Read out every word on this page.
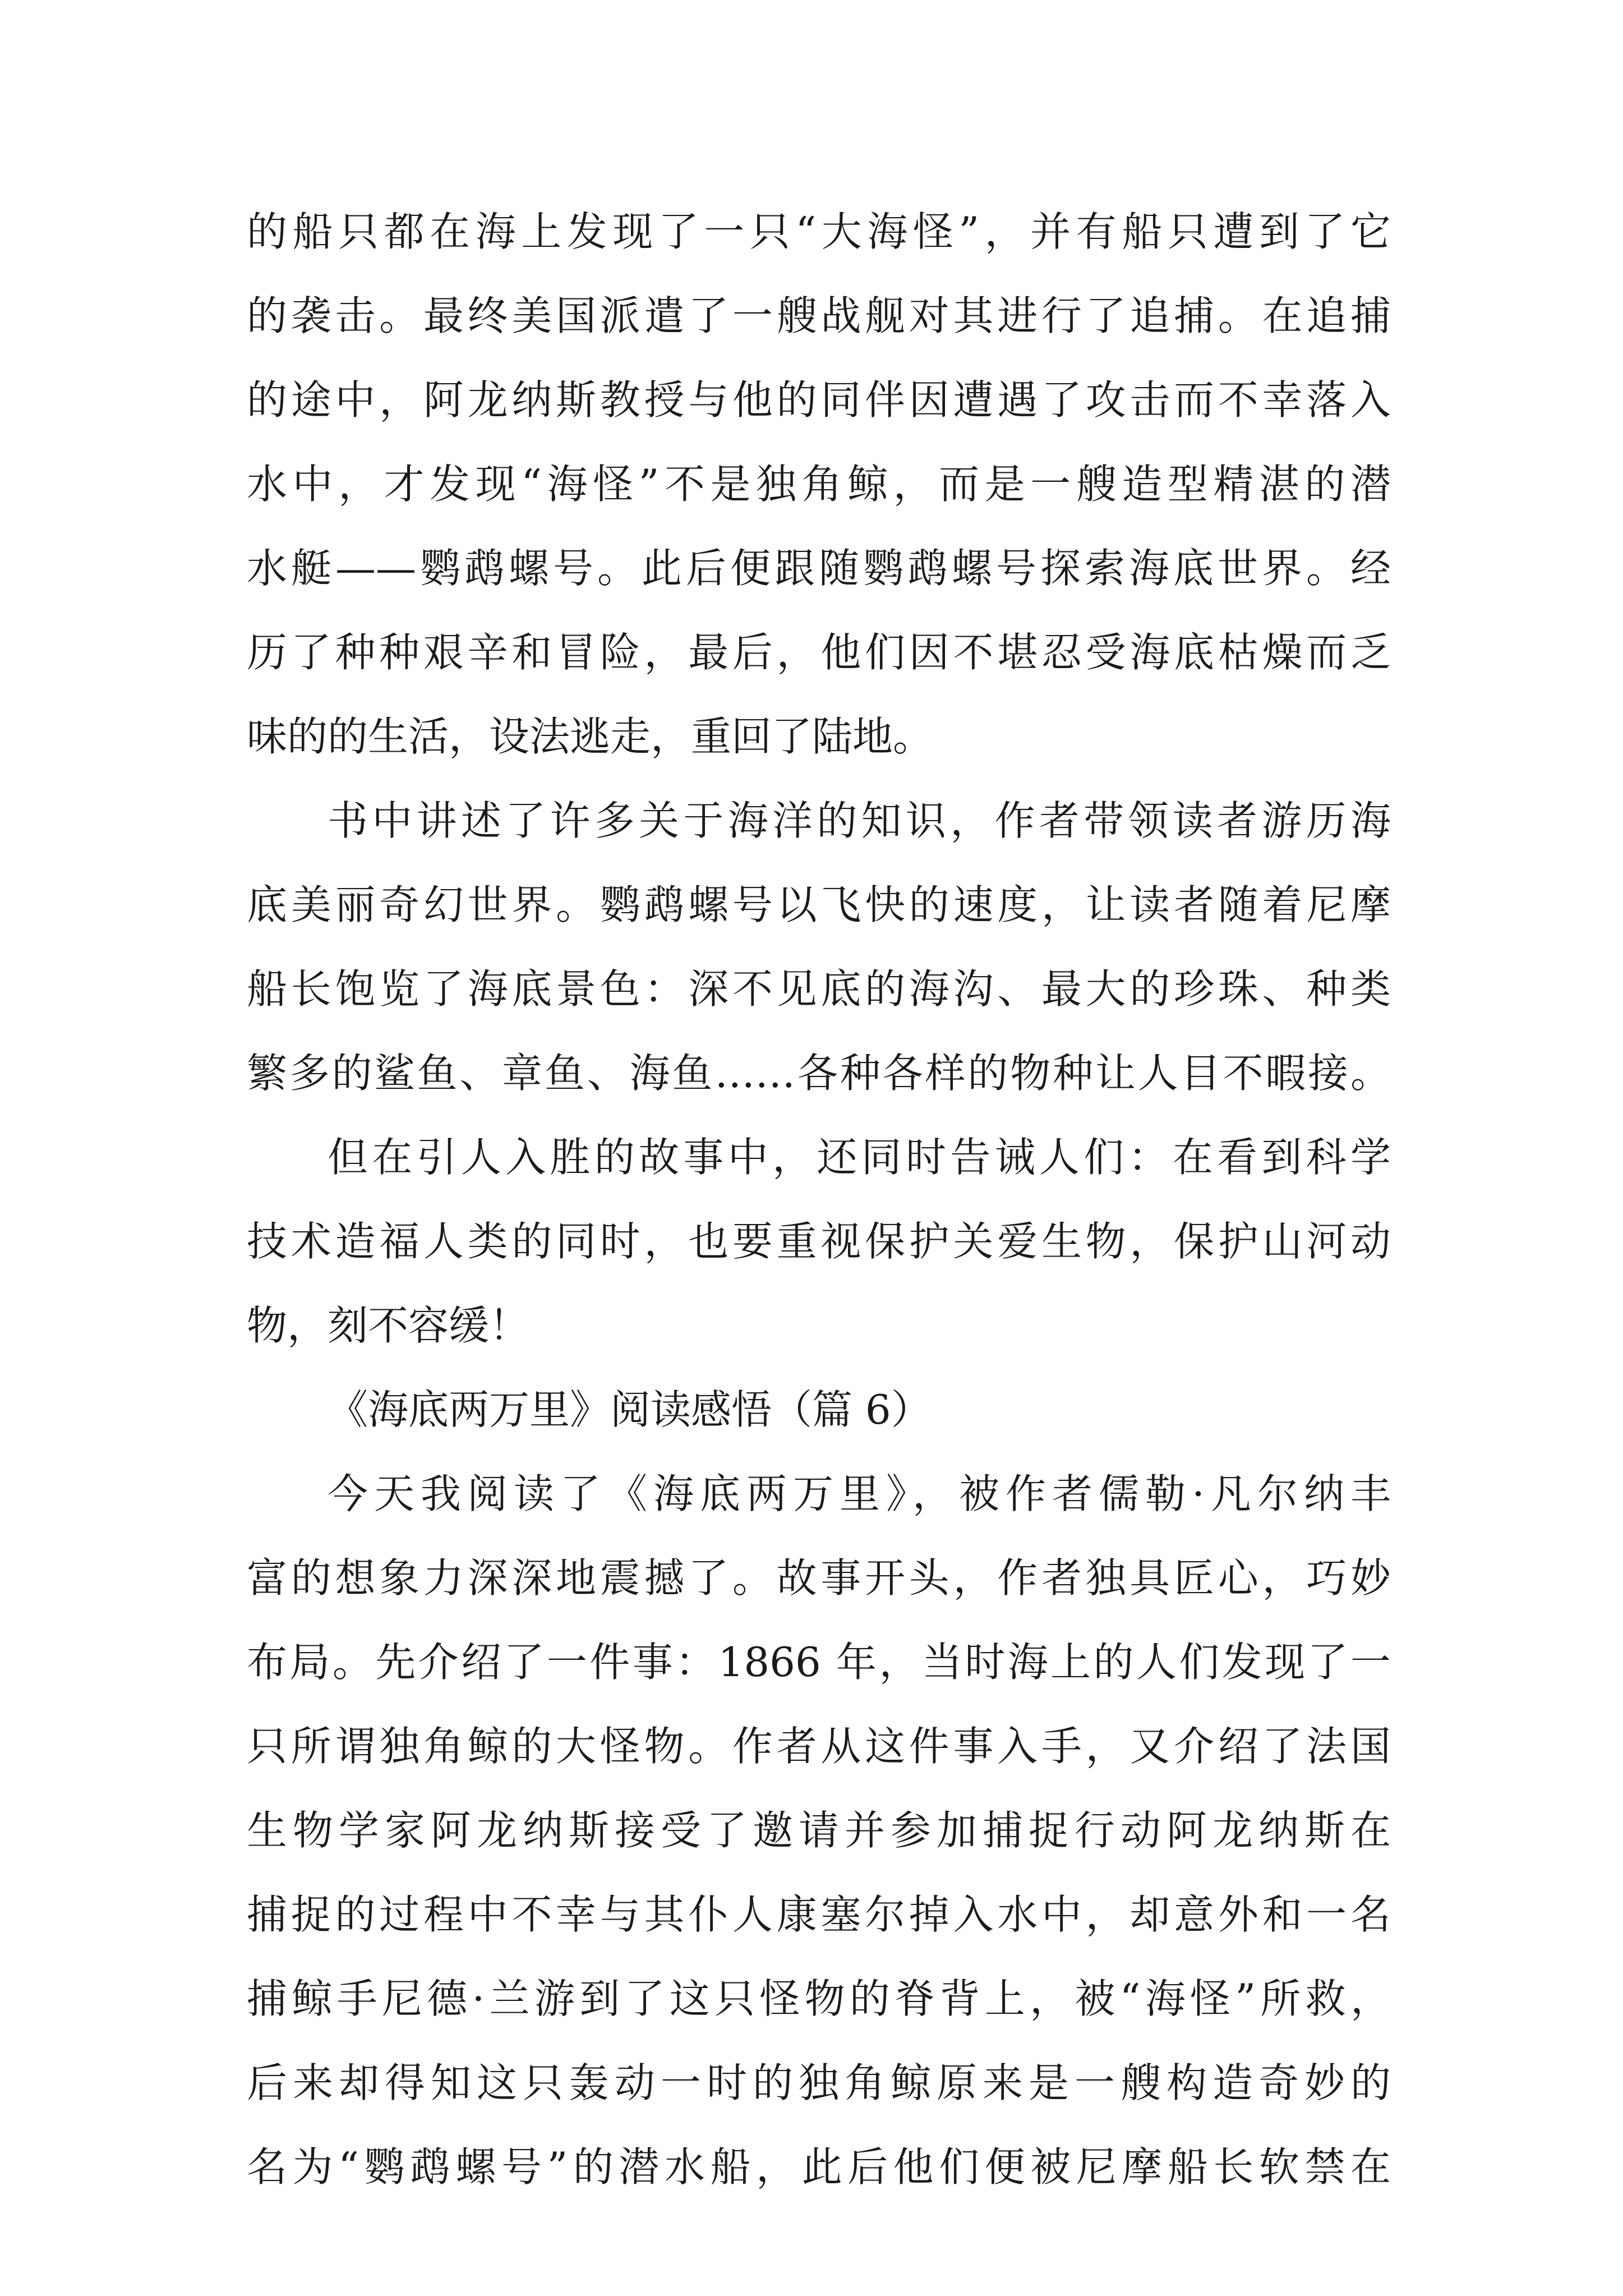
的船只都在海上发现了一只“大海怪”，并有船只遭到了它
的袭击。最终美国派遣了一艘战舰对其进行了追捕。在追捕
的途中，阿龙纳斯教授与他的同伴因遭遇了攻击而不幸落入
水中，才发现“海怪”不是独角鲸，而是一艘造型精湛的潜
水艇——鹦鹉螺号。此后便跟随鹦鹉螺号探索海底世界。经
历了种种艰辛和冒险，最后，他们因不堪忍受海底枯燥而乏
味的的生活，设法逃走，重回了陆地。
书中讲述了许多关于海洋的知识，作者带领读者游历海
底美丽奇幻世界。鹦鹉螺号以飞快的速度，让读者随着尼摩
船长饱览了海底景色：深不见底的海沟、最大的珍珠、种类
繁多的鲨鱼、章鱼、海鱼……各种各样的物种让人目不暇接。
但在引人入胜的故事中，还同时告诫人们：在看到科学
技术造福人类的同时，也要重视保护关爱生物，保护山河动
物，刻不容缓！
《海底两万里》阅读感悟（篇 6）
今天我阅读了《海底两万里》，被作者儒勒·凡尔纳丰
富的想象力深深地震撼了。故事开头，作者独具匠心，巧妙
布局。先介绍了一件事：1866 年，当时海上的人们发现了一
只所谓独角鲸的大怪物。作者从这件事入手，又介绍了法国
生物学家阿龙纳斯接受了邀请并参加捕捉行动阿龙纳斯在
捕捉的过程中不幸与其仆人康塞尔掉入水中，却意外和一名
捕鲸手尼德·兰游到了这只怪物的脊背上，被“海怪”所救，
后来却得知这只轰动一时的独角鲸原来是一艘构造奇妙的
名为“鹦鹉螺号”的潜水船，此后他们便被尼摩船长软禁在
